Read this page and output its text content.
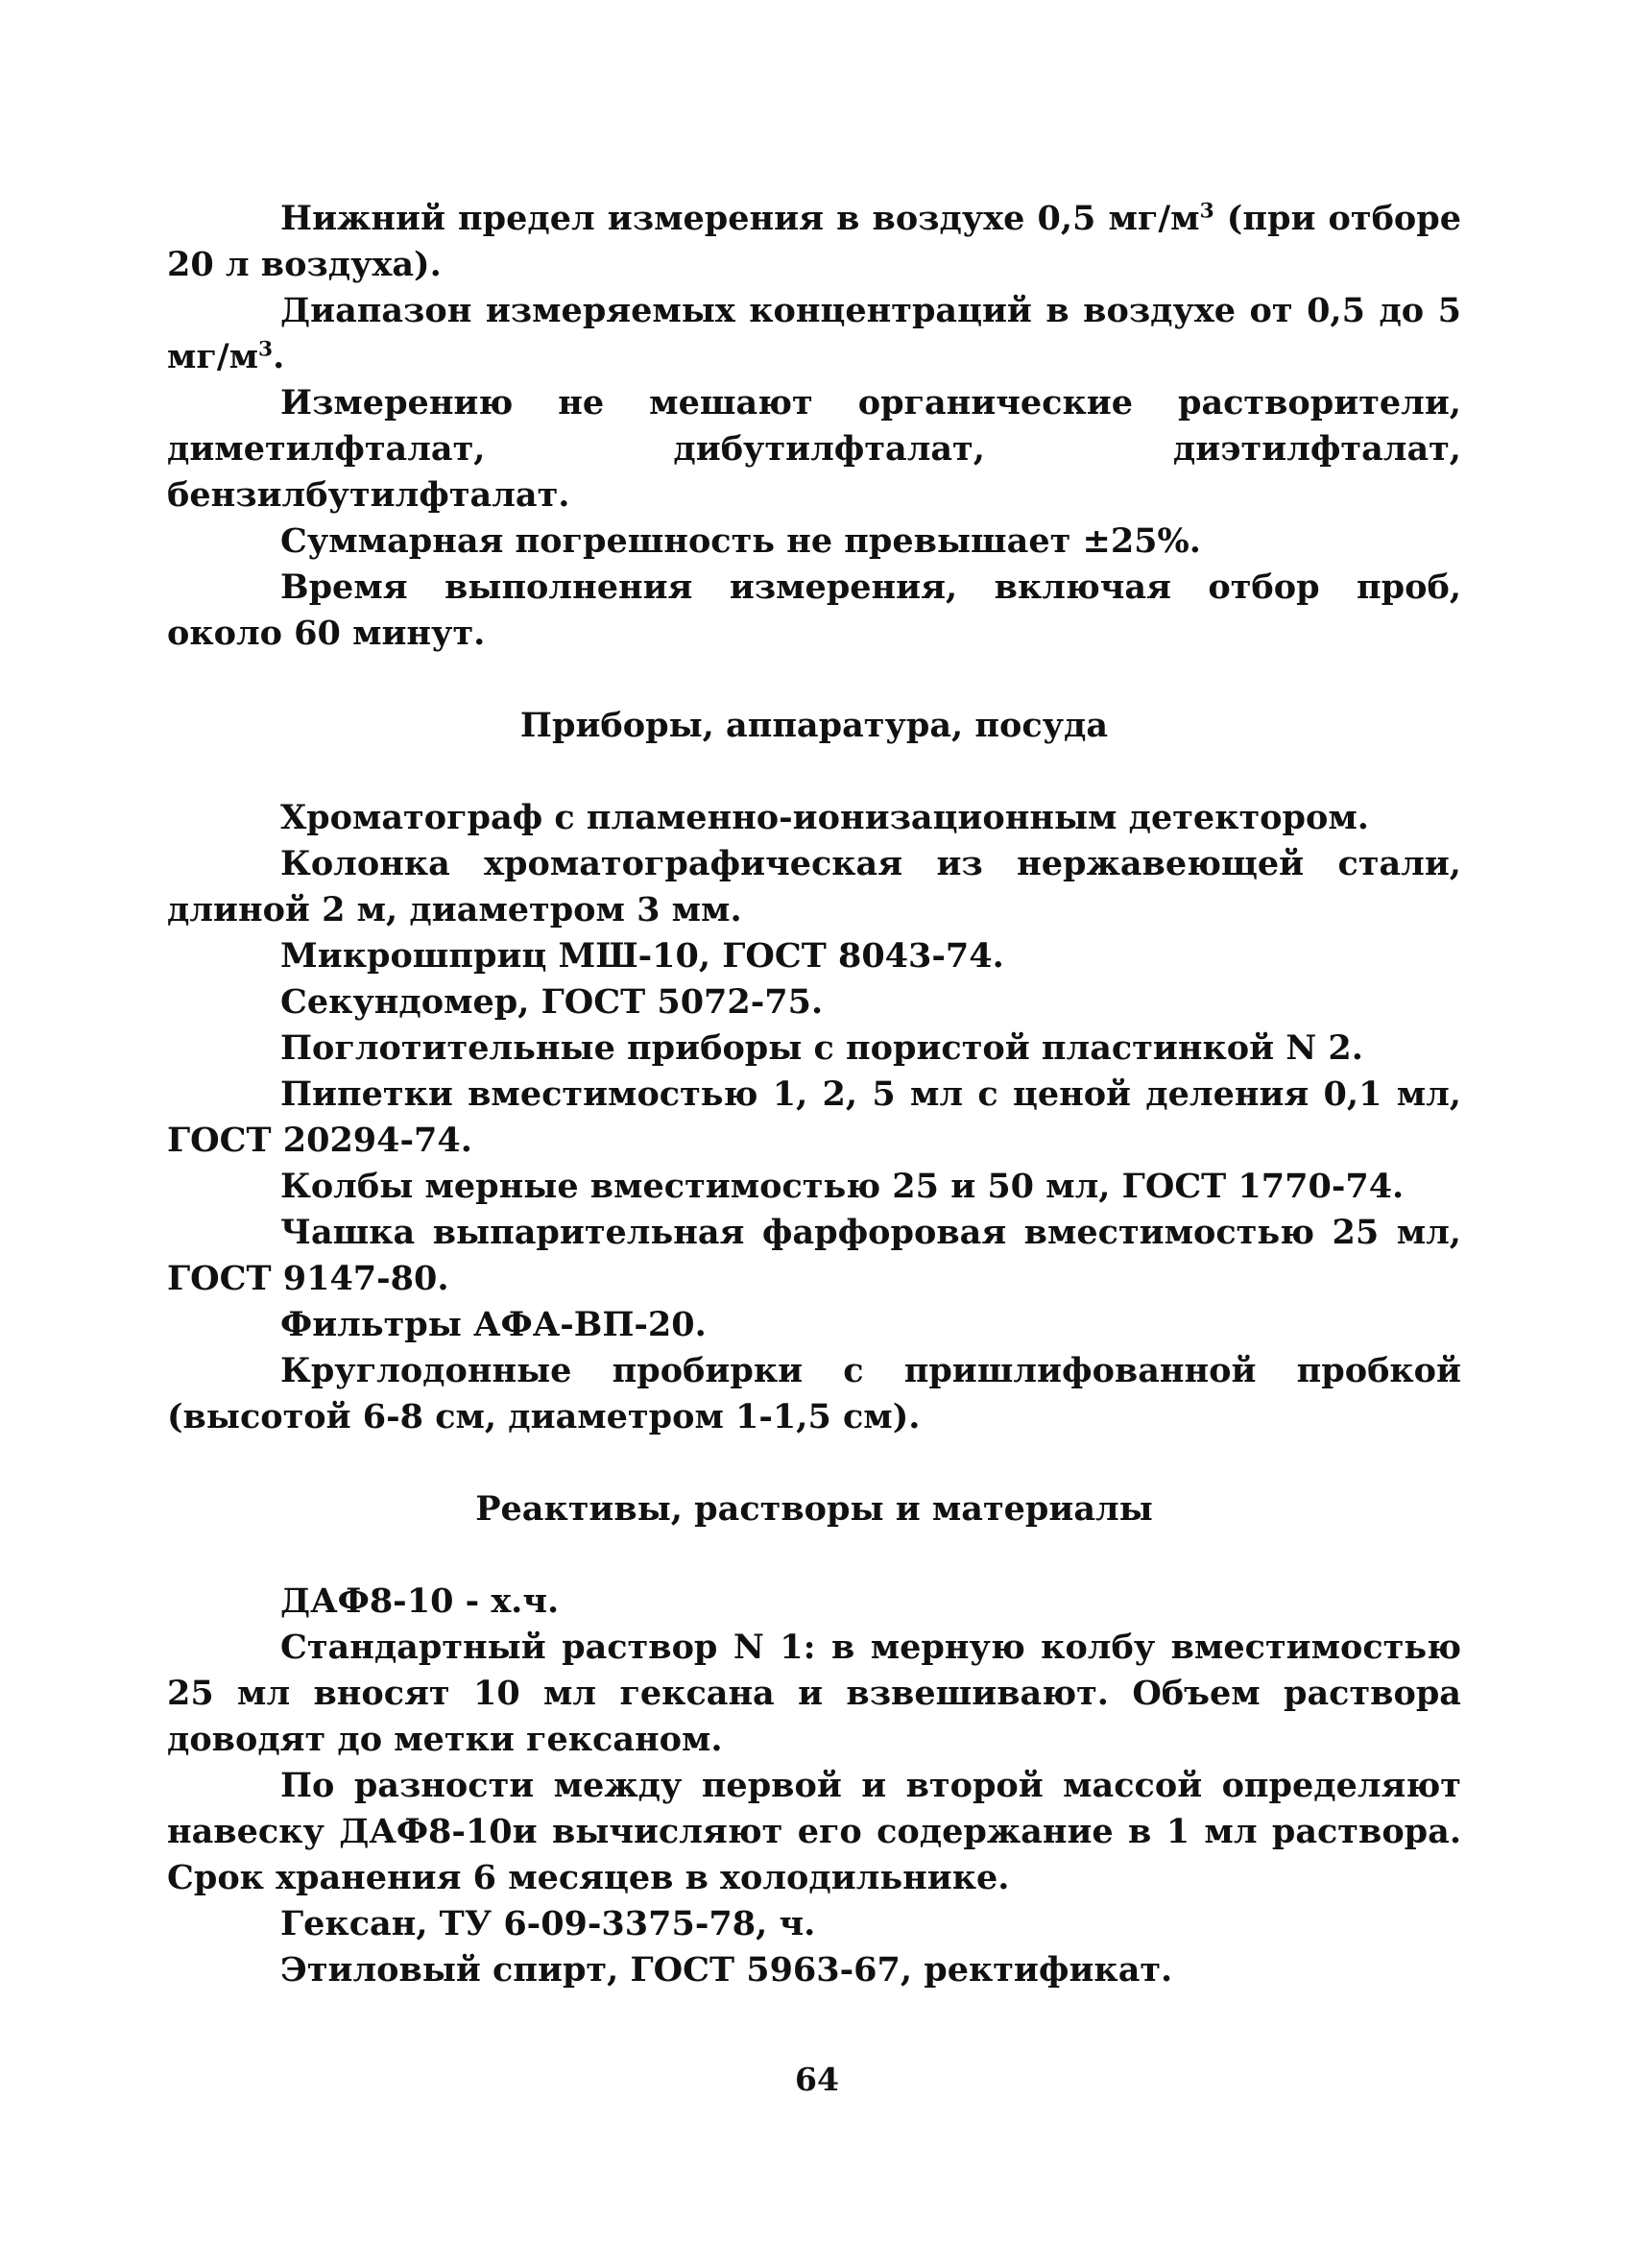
Нижний предел измерения в воздухе 0,5 $мг/м^3$ (при отборе 20 л воздуха).

Диапазон измеряемых концентраций в воздухе от 0,5 до 5 $мг/м^3$.

Измерению не мешают органические растворители, диметилфталат, дибутилфталат, диэтилфталат, бензилбутилфталат.

Суммарная погрешность не превышает ±25%.

Время выполнения измерения, включая отбор проб, около 60 минут.

Приборы, аппаратура, посуда

Хроматограф с пламенно-ионизационным детектором.

Колонка хроматографическая из нержавеющей стали, длиной 2 м, диаметром 3 мм.

Микрошприц МШ-10, ГОСТ 8043-74.

Секундомер, ГОСТ 5072-75.

Поглотительные приборы с пористой пластинкой N 2.

Пипетки вместимостью 1, 2, 5 мл с ценой деления 0,1 мл, ГОСТ 20294-74.

Колбы мерные вместимостью 25 и 50 мл, ГОСТ 1770-74.

Чашка выпарительная фарфоровая вместимостью 25 мл, ГОСТ 9147-80.

Фильтры АФА-ВП-20.

Круглодонные пробирки с пришлифованной пробкой (высотой 6-8 см, диаметром 1-1,5 см).

Реактивы, растворы и материалы

ДАФ8-10 - х.ч.

Стандартный раствор N 1: в мерную колбу вместимостью 25 мл вносят 10 мл гексана и взвешивают. Объем раствора доводят до метки гексаном.

По разности между первой и второй массой определяют навеску ДАФ8-10и вычисляют его содержание в 1 мл раствора. Срок хранения 6 месяцев в холодильнике.

Гексан, ТУ 6-09-3375-78, ч.

Этиловый спирт, ГОСТ 5963-67, ректификат.

64
